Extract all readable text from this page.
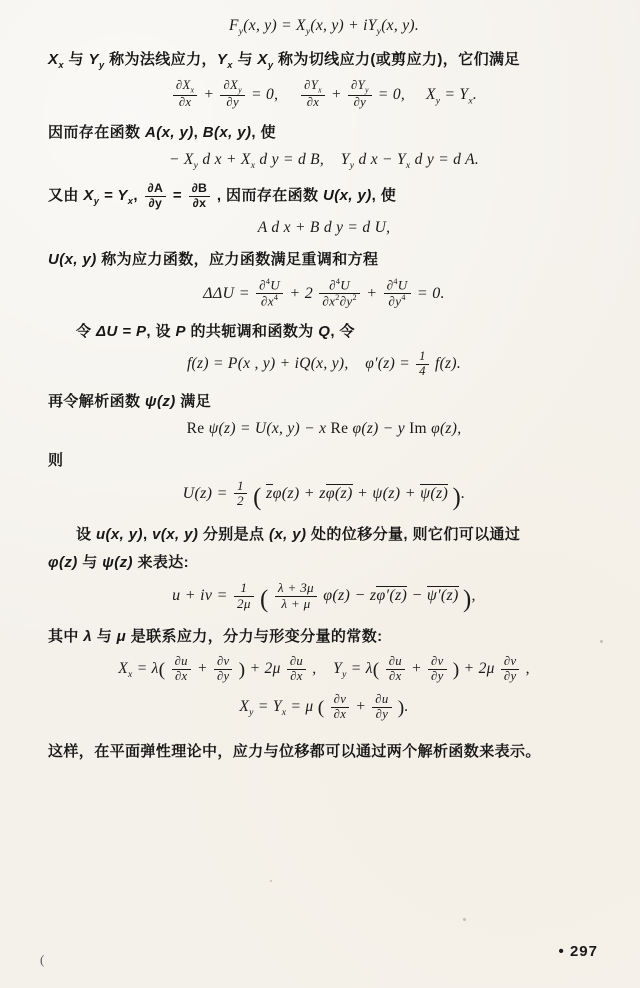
$F_y(x$, $y) = X_y(x$, $y) + iY_y(x$, y).
$X_x$ 与 $Y_y$ 称为法线应力，$Y_x$ 与 $X_y$ 称为切线应力(或剪应力)，它们满足
$\frac{\partial X_x}{\partial x} + \frac{\partial X_y}{\partial y} = 0$, $\frac{\partial Y_x}{\partial x} + \frac{\partial Y_y}{\partial y} = 0$,     $X_y = Y_x$.
因而存在函数 A(x, y), B(x, y), 使
− $X_y$ d $x + X_x$ d y = d B,    $Y_y$ d $x - Y_x$ d y = d A.
又由 $X_y = Y_x$, $\frac{\partial A}{\partial y} = \frac{\partial B}{\partial x}$ , 因而存在函数 U(x, y), 使
A d x + B d y = d U,
U(x, y) 称为应力函数，应力函数满足重调和方程
$\Delta\Delta U = \frac{\partial^4U}{\partial x^4} + 2 \frac{\partial^4U}{\partial x^2\partial y^2} + \frac{\partial^4U}{\partial y^4} = 0$.
令 ΔU = P, 设 P 的共轭调和函数为 Q, 令
f(z) = P(x , y) + iQ(x, y),    $\varphi'(z) = \frac{1}{4} f(z)$.
再令解析函数 ψ(z) 满足
Re ψ(z) = U(x, y) − x Re φ(z) − y Im φ(z),
则
$U(z) = \frac{1}{2}$ ( zφ(z) + zφ(z) + ψ(z) + ψ(z) ).
设 u(x, y), v(x, y) 分别是点 (x, y) 处的位移分量, 则它们可以通过
φ(z) 与 ψ(z) 来表达:
u + iv = $\frac{1}{2\mu}$ ( $\frac{\lambda + 3\mu}{\lambda + \mu} \varphi(z) - z\varphi'(z) - \psi'(z)$ ),
其中 λ 与 μ 是联系应力，分力与形变分量的常数:
$X_x = \lambda( \frac{\partial u}{\partial x} + \frac{\partial v}{\partial y}$ ) + $2\mu \frac{\partial u}{\partial x}$ ,    $Y_y = \lambda( \frac{\partial u}{\partial x} + \frac{\partial v}{\partial y}$ ) + $2\mu \frac{\partial v}{\partial y}$ ,
$X_y = Y_x = \mu$ ( $\frac{\partial v}{\partial x} + \frac{\partial u}{\partial y}$ ).
这样，在平面弹性理论中，应力与位移都可以通过两个解析函数来表示。
(	• 297
